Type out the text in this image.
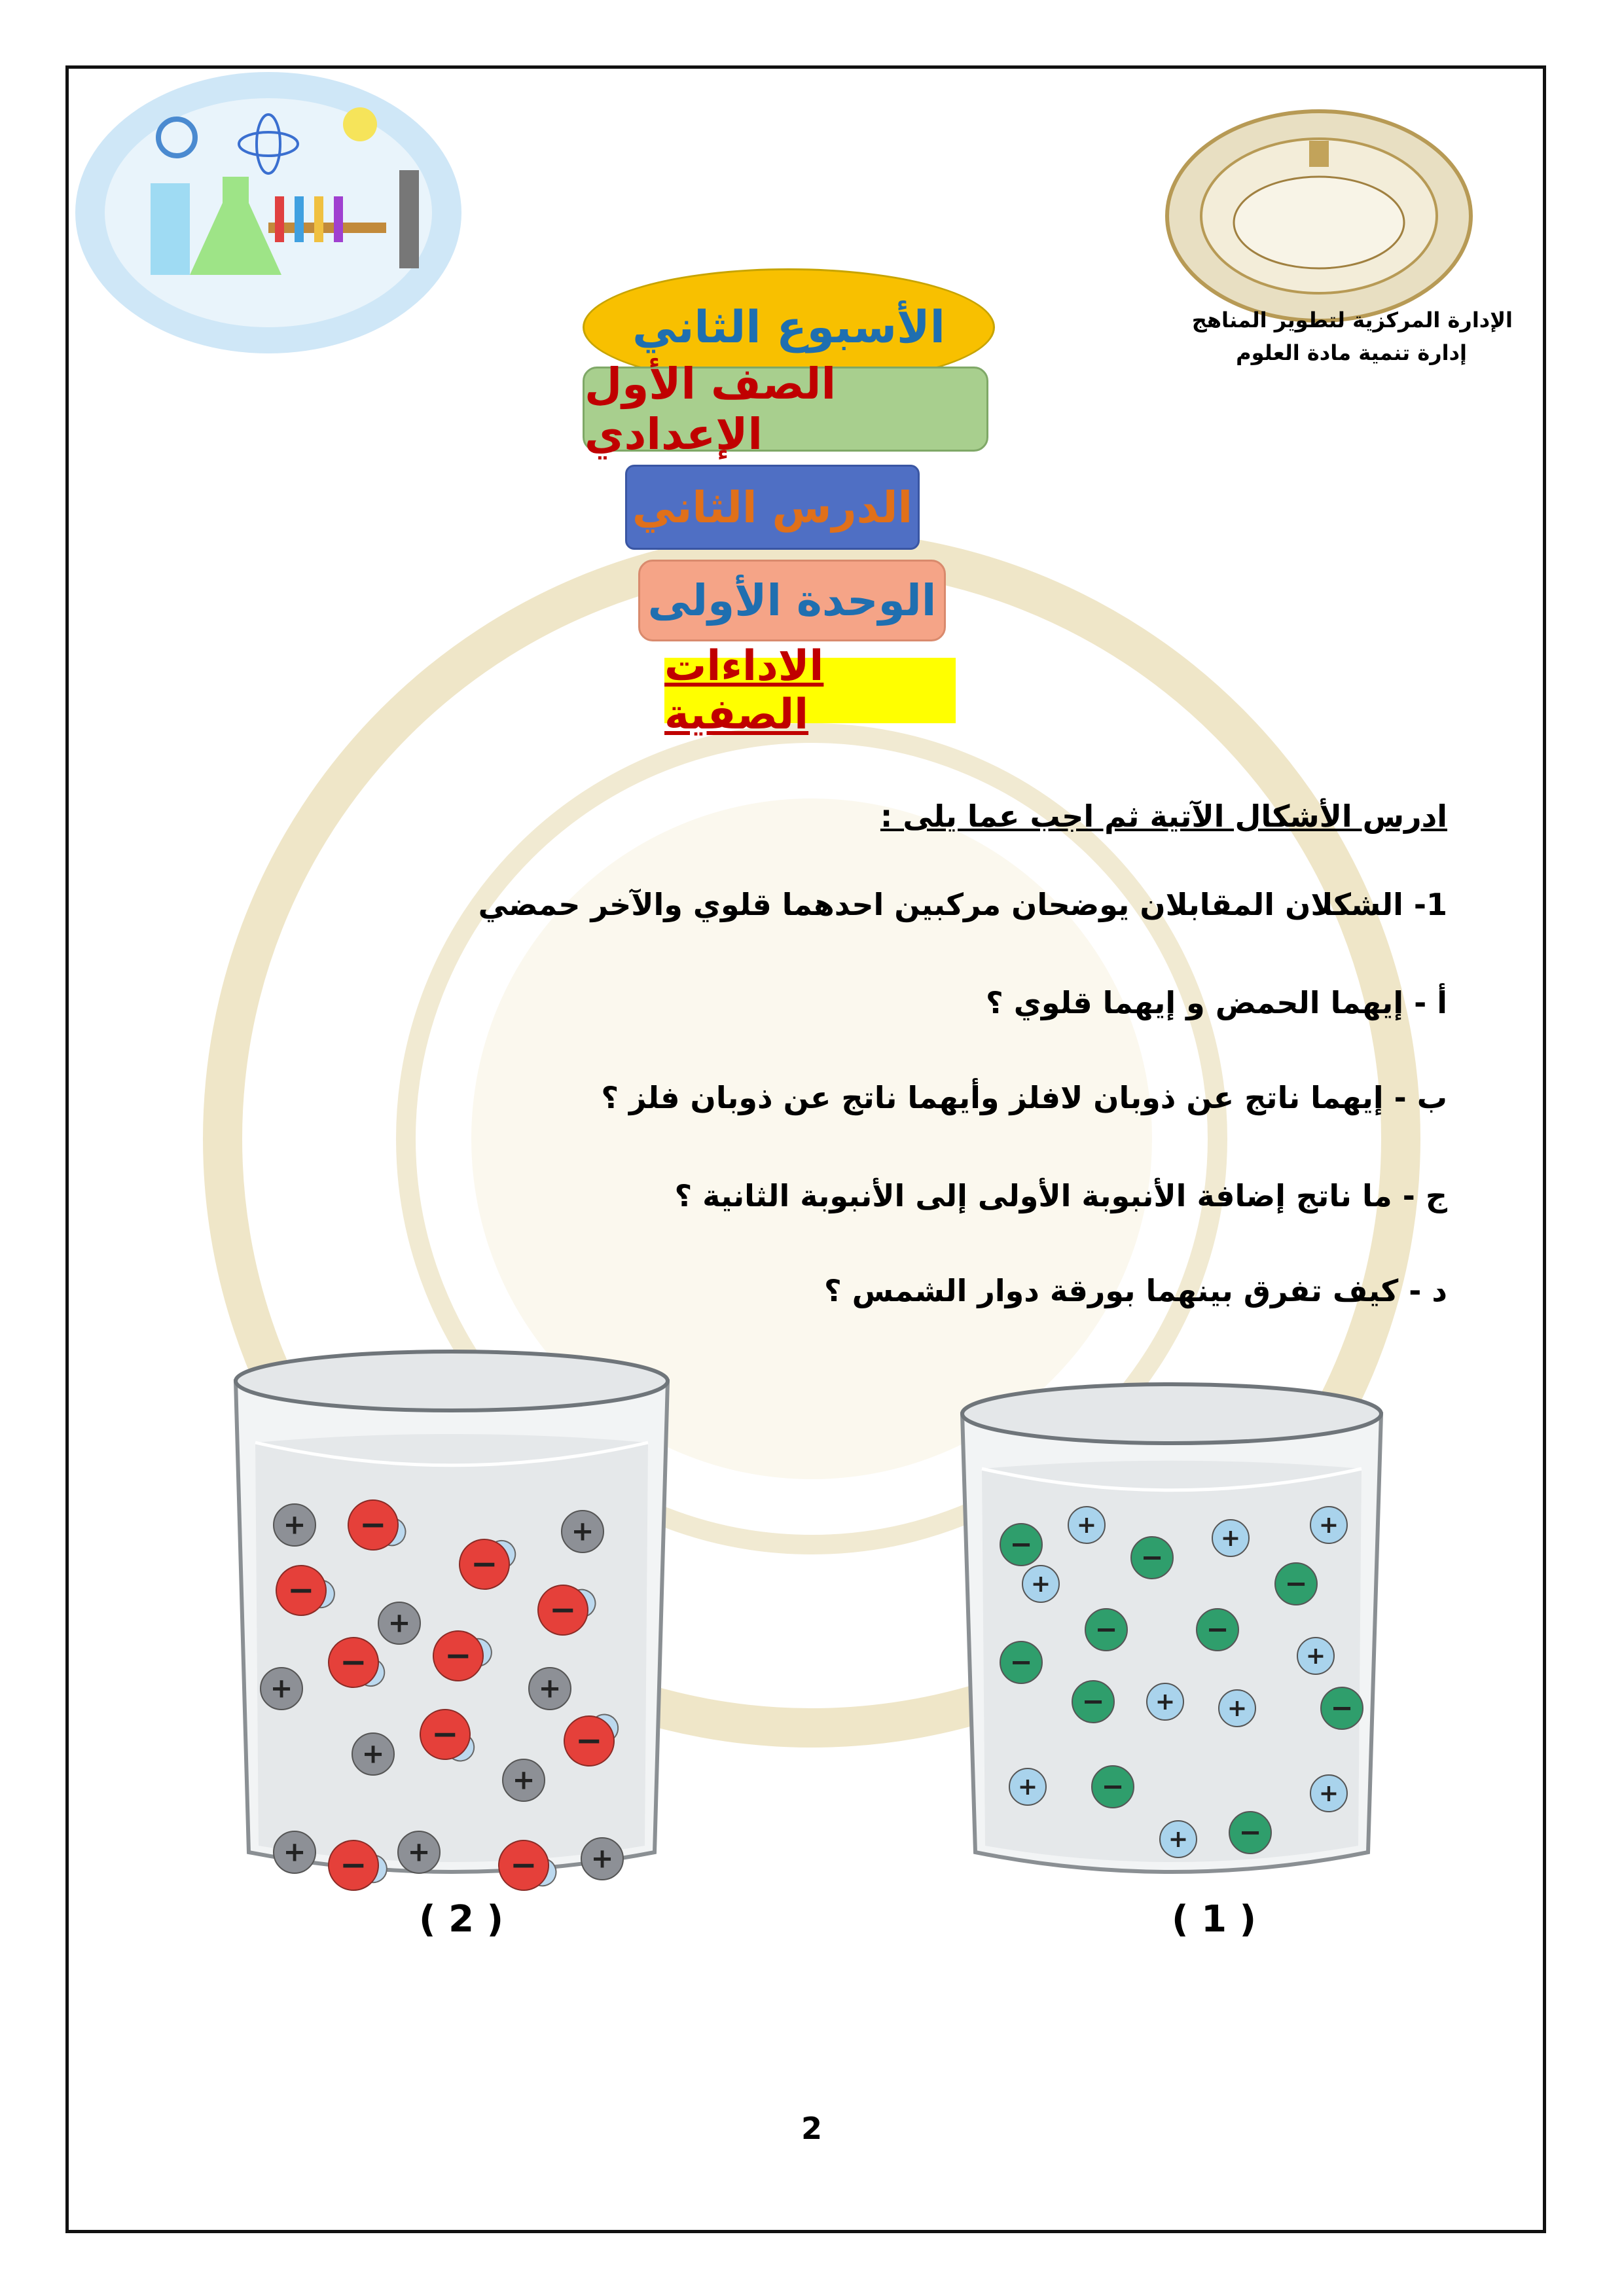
الإدارة المركزية لتطوير المناهج
إدارة تنمية مادة العلوم
الأسبوع الثاني
الصف الأول الإعدادي
الدرس الثاني
الوحدة الأولى
الاداءات الصفية
ادرس الأشكال الآتية ثم اجب عما يلى :
1- الشكلان المقابلان يوضحان مركبين احدهما قلوي والآخر حمضي
أ - إيهما الحمض و إيهما قلوي ؟
ب - إيهما ناتج عن ذوبان لافلز وأيهما ناتج عن ذوبان فلز ؟
ج - ما ناتج إضافة الأنبوبة الأولى إلى الأنبوبة الثانية ؟
د - كيف تفرق بينهما بورقة دوار الشمس ؟
+	+
+
+	+
+
+
+	+	+
−
−
−
−
− −
−	−
−	−
+	+	+
+
+
+ +
+	+
+
−	−
−
−	−
−
−	−
−
−
( 2 )	( 1 )
2
